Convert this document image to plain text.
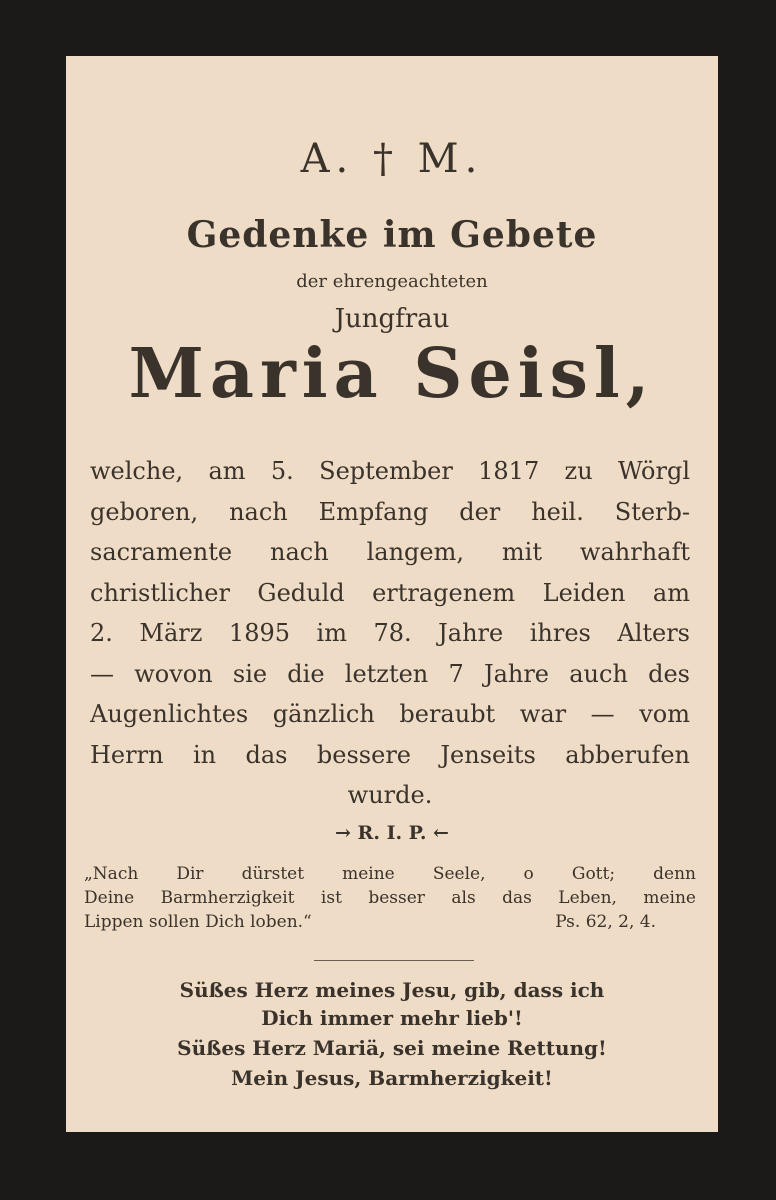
A. † M.
Gedenke im Gebete
der ehrengeachteten
Jungfrau
Maria Seisl,
welche, am 5. September 1817 zu Wörgl
geboren, nach Empfang der heil. Sterb-
sacramente nach langem, mit wahrhaft
christlicher Geduld ertragenem Leiden am
2. März 1895 im 78. Jahre ihres Alters
— wovon sie die letzten 7 Jahre auch des
Augenlichtes gänzlich beraubt war — vom
Herrn in das bessere Jenseits abberufen
wurde.
→ R. I. P. ←
„Nach Dir dürstet meine Seele, o Gott; denn
Deine Barmherzigkeit ist besser als das Leben, meine
Lippen sollen Dich loben.“	Ps. 62, 2, 4.
Süßes Herz meines Jesu, gib, dass ich
Dich immer mehr lieb'!
Süßes Herz Mariä, sei meine Rettung!
Mein Jesus, Barmherzigkeit!
